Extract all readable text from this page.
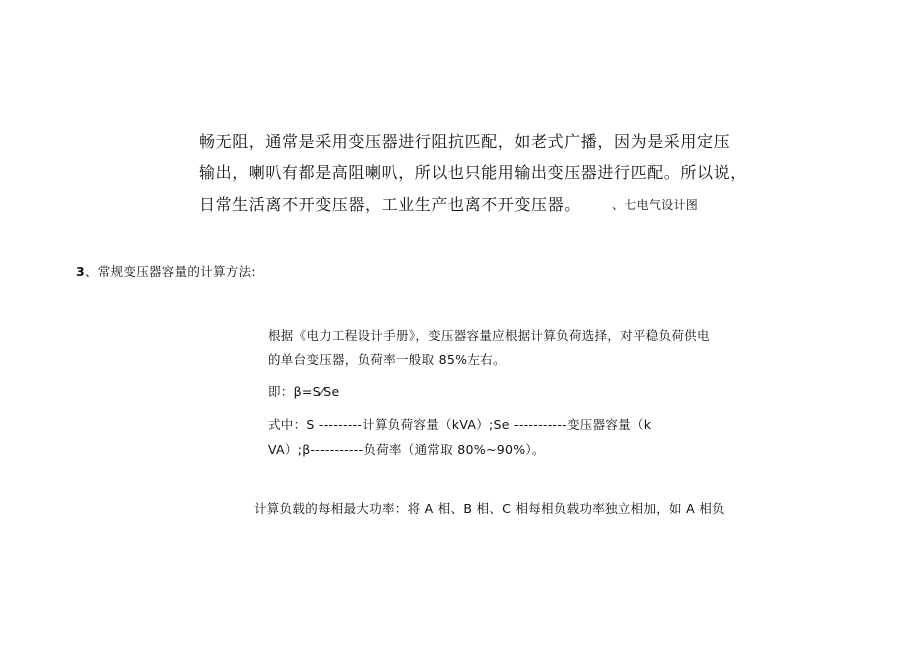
畅无阻，通常是采用变压器进行阻抗匹配，如老式广播，因为是采用定压

输出，喇叭有都是高阻喇叭，所以也只能用输出变压器进行匹配。所以说，

日常生活离不开变压器，工业生产也离不开变压器。	、七电气设计图

3、常规变压器容量的计算方法:

根据《电力工程设计手册》，变压器容量应根据计算负荷选择，对平稳负荷供电

的单台变压器，负荷率一般取 85%左右。

即：β=S⁄Se

式中：S ---------计算负荷容量（kVA）;Se -----------变压器容量（k

VA）;β-----------负荷率（通常取 80%~90%）。

计算负载的每相最大功率：将 A 相、B 相、C 相每相负载功率独立相加，如 A 相负
